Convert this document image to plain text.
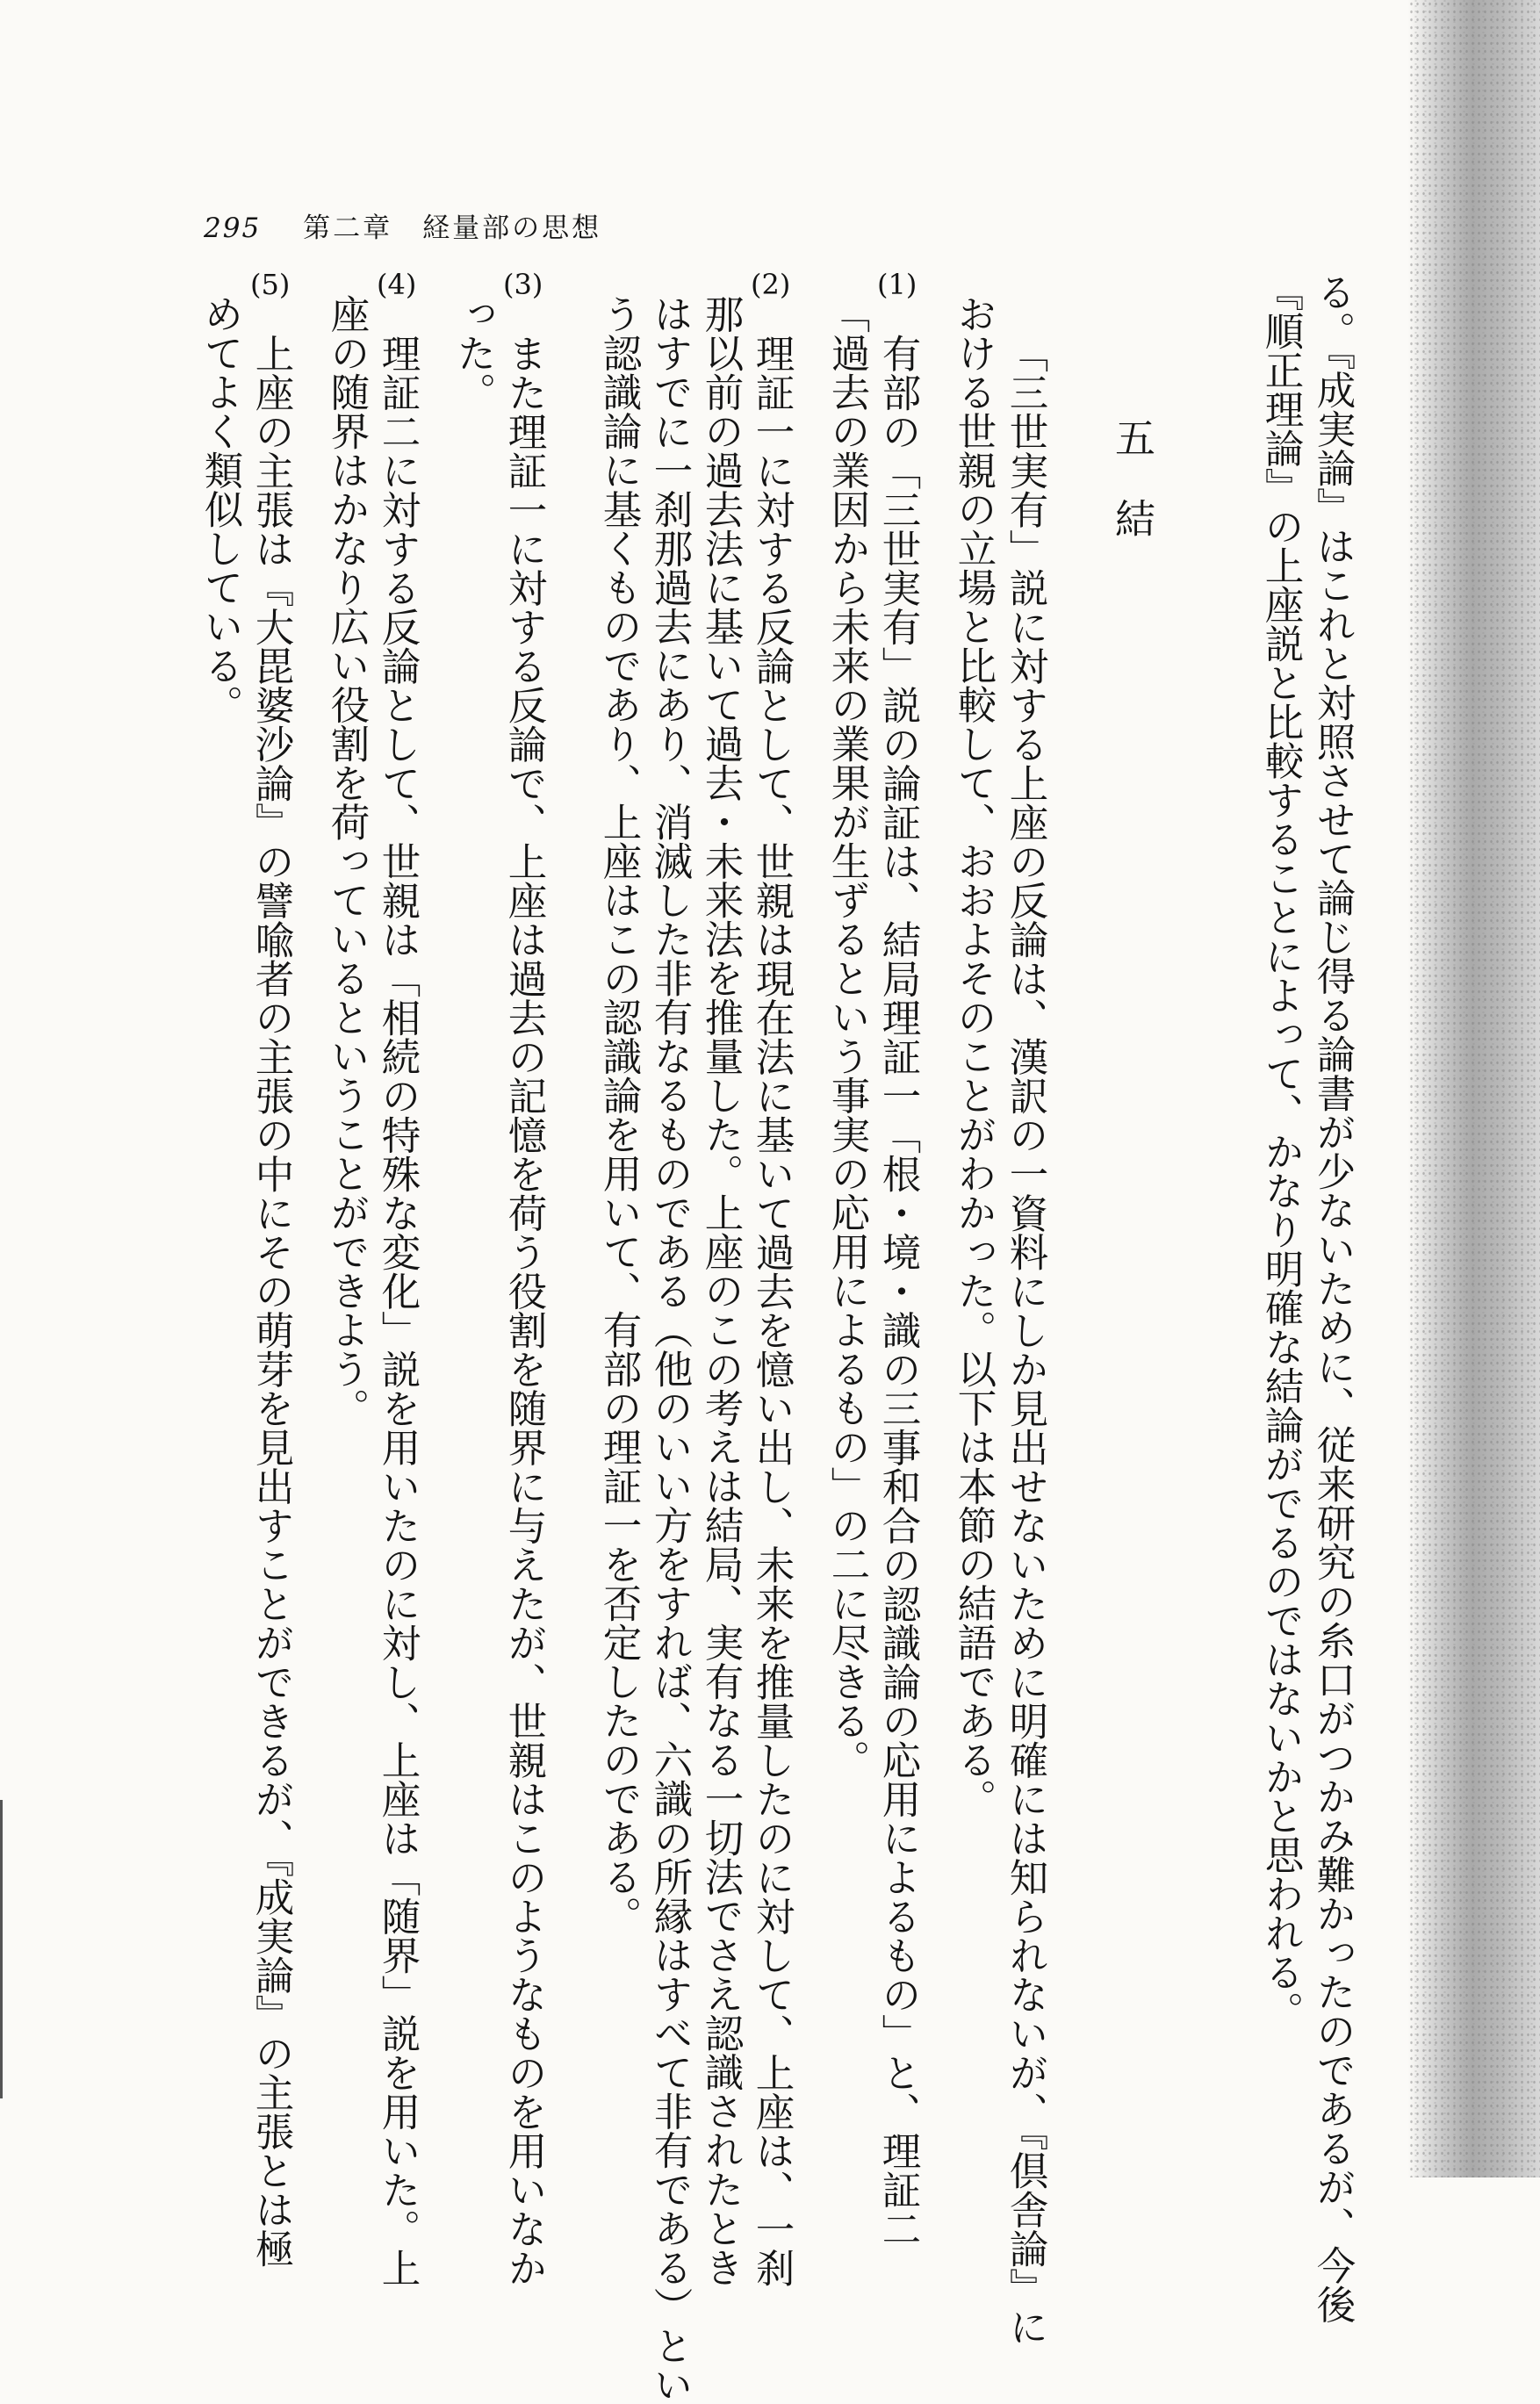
る。『成実論』はこれと対照させて論じ得る論書が少ないために、従来研究の糸口がつかみ難かったのであるが、今後
『順正理論』の上座説と比較することによって、かなり明確な結論がでるのではないかと思われる。
五結
「三世実有」説に対する上座の反論は、漢訳の一資料にしか見出せないために明確には知られないが、『倶舎論』に
おける世親の立場と比較して、おおよそのことがわかった。以下は本節の結語である。
(1)
有部の「三世実有」説の論証は、結局理証一「根・境・識の三事和合の認識論の応用によるもの」と、理証二
「過去の業因から未来の業果が生ずるという事実の応用によるもの」の二に尽きる。
(2)
理証一に対する反論として、世親は現在法に基いて過去を憶い出し、未来を推量したのに対して、上座は、一刹
那以前の過去法に基いて過去・未来法を推量した。上座のこの考えは結局、実有なる一切法でさえ認識されたとき
はすでに一刹那過去にあり、消滅した非有なるものである（他のいい方をすれば、六識の所縁はすべて非有である）とい
う認識論に基くものであり、上座はこの認識論を用いて、有部の理証一を否定したのである。
(3)
また理証一に対する反論で、上座は過去の記憶を荷う役割を随界に与えたが、世親はこのようなものを用いなか
った。
(4)
理証二に対する反論として、世親は「相続の特殊な変化」説を用いたのに対し、上座は「随界」説を用いた。上
座の随界はかなり広い役割を荷っているということができよう。
(5)
上座の主張は『大毘婆沙論』の譬喩者の主張の中にその萌芽を見出すことができるが、『成実論』の主張とは極
めてよく類似している。
295 第二章　経量部の思想
